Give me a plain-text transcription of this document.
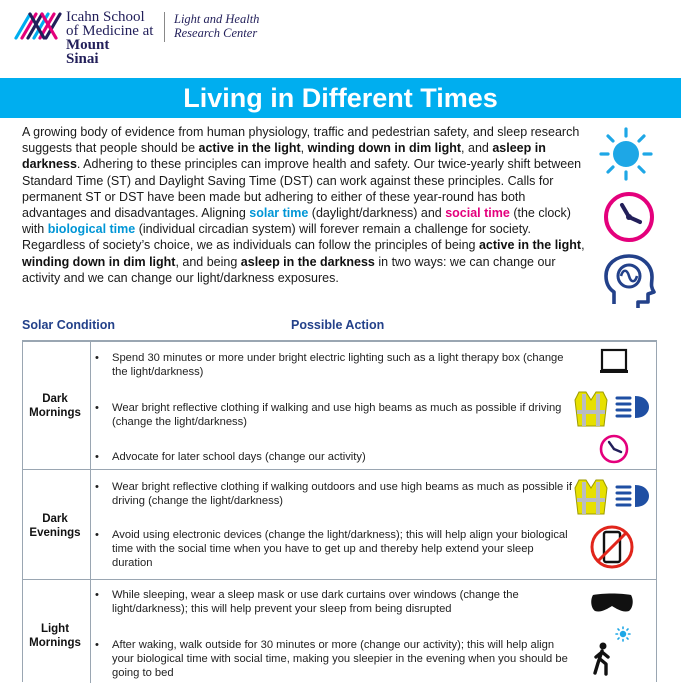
Icahn School
of Medicine at
Mount
Sinai
Light and Health
Research Center
Living in Different Times
A growing body of evidence from human physiology, traffic and pedestrian safety, and sleep research suggests that people should be active in the light, winding down in dim light, and asleep in darkness. Adhering to these principles can improve health and safety. Our twice-yearly shift between Standard Time (ST) and Daylight Saving Time (DST) can work against these principles. Calls for permanent ST or DST have been made but adhering to either of these year-round has both advantages and disadvantages. Aligning solar time (daylight/darkness) and social time (the clock) with biological time (individual circadian system) will forever remain a challenge for society. Regardless of society’s choice, we as individuals can follow the principles of being active in the light, winding down in dim light, and being asleep in the darkness in two ways: we can change our activity and we can change our light/darkness exposures.
Solar Condition	Possible Action
Dark
Mornings
• Spend 30 minutes or more under bright electric lighting such as a light therapy box (change the light/darkness)
• Wear bright reflective clothing if walking and use high beams as much as possible if driving (change the light/darkness)
• Advocate for later school days (change our activity)
Dark
Evenings
• Wear bright reflective clothing if walking outdoors and use high beams as much as possible if driving (change the light/darkness)
• Avoid using electronic devices (change the light/darkness); this will help align your biological time with the social time when you have to get up and thereby help extend your sleep duration
Light
Mornings
• While sleeping, wear a sleep mask or use dark curtains over windows (change the light/darkness); this will help prevent your sleep from being disrupted
• After waking, walk outside for 30 minutes or more (change our activity); this will help align your biological time with social time, making you sleepier in the evening when you should be going to bed
